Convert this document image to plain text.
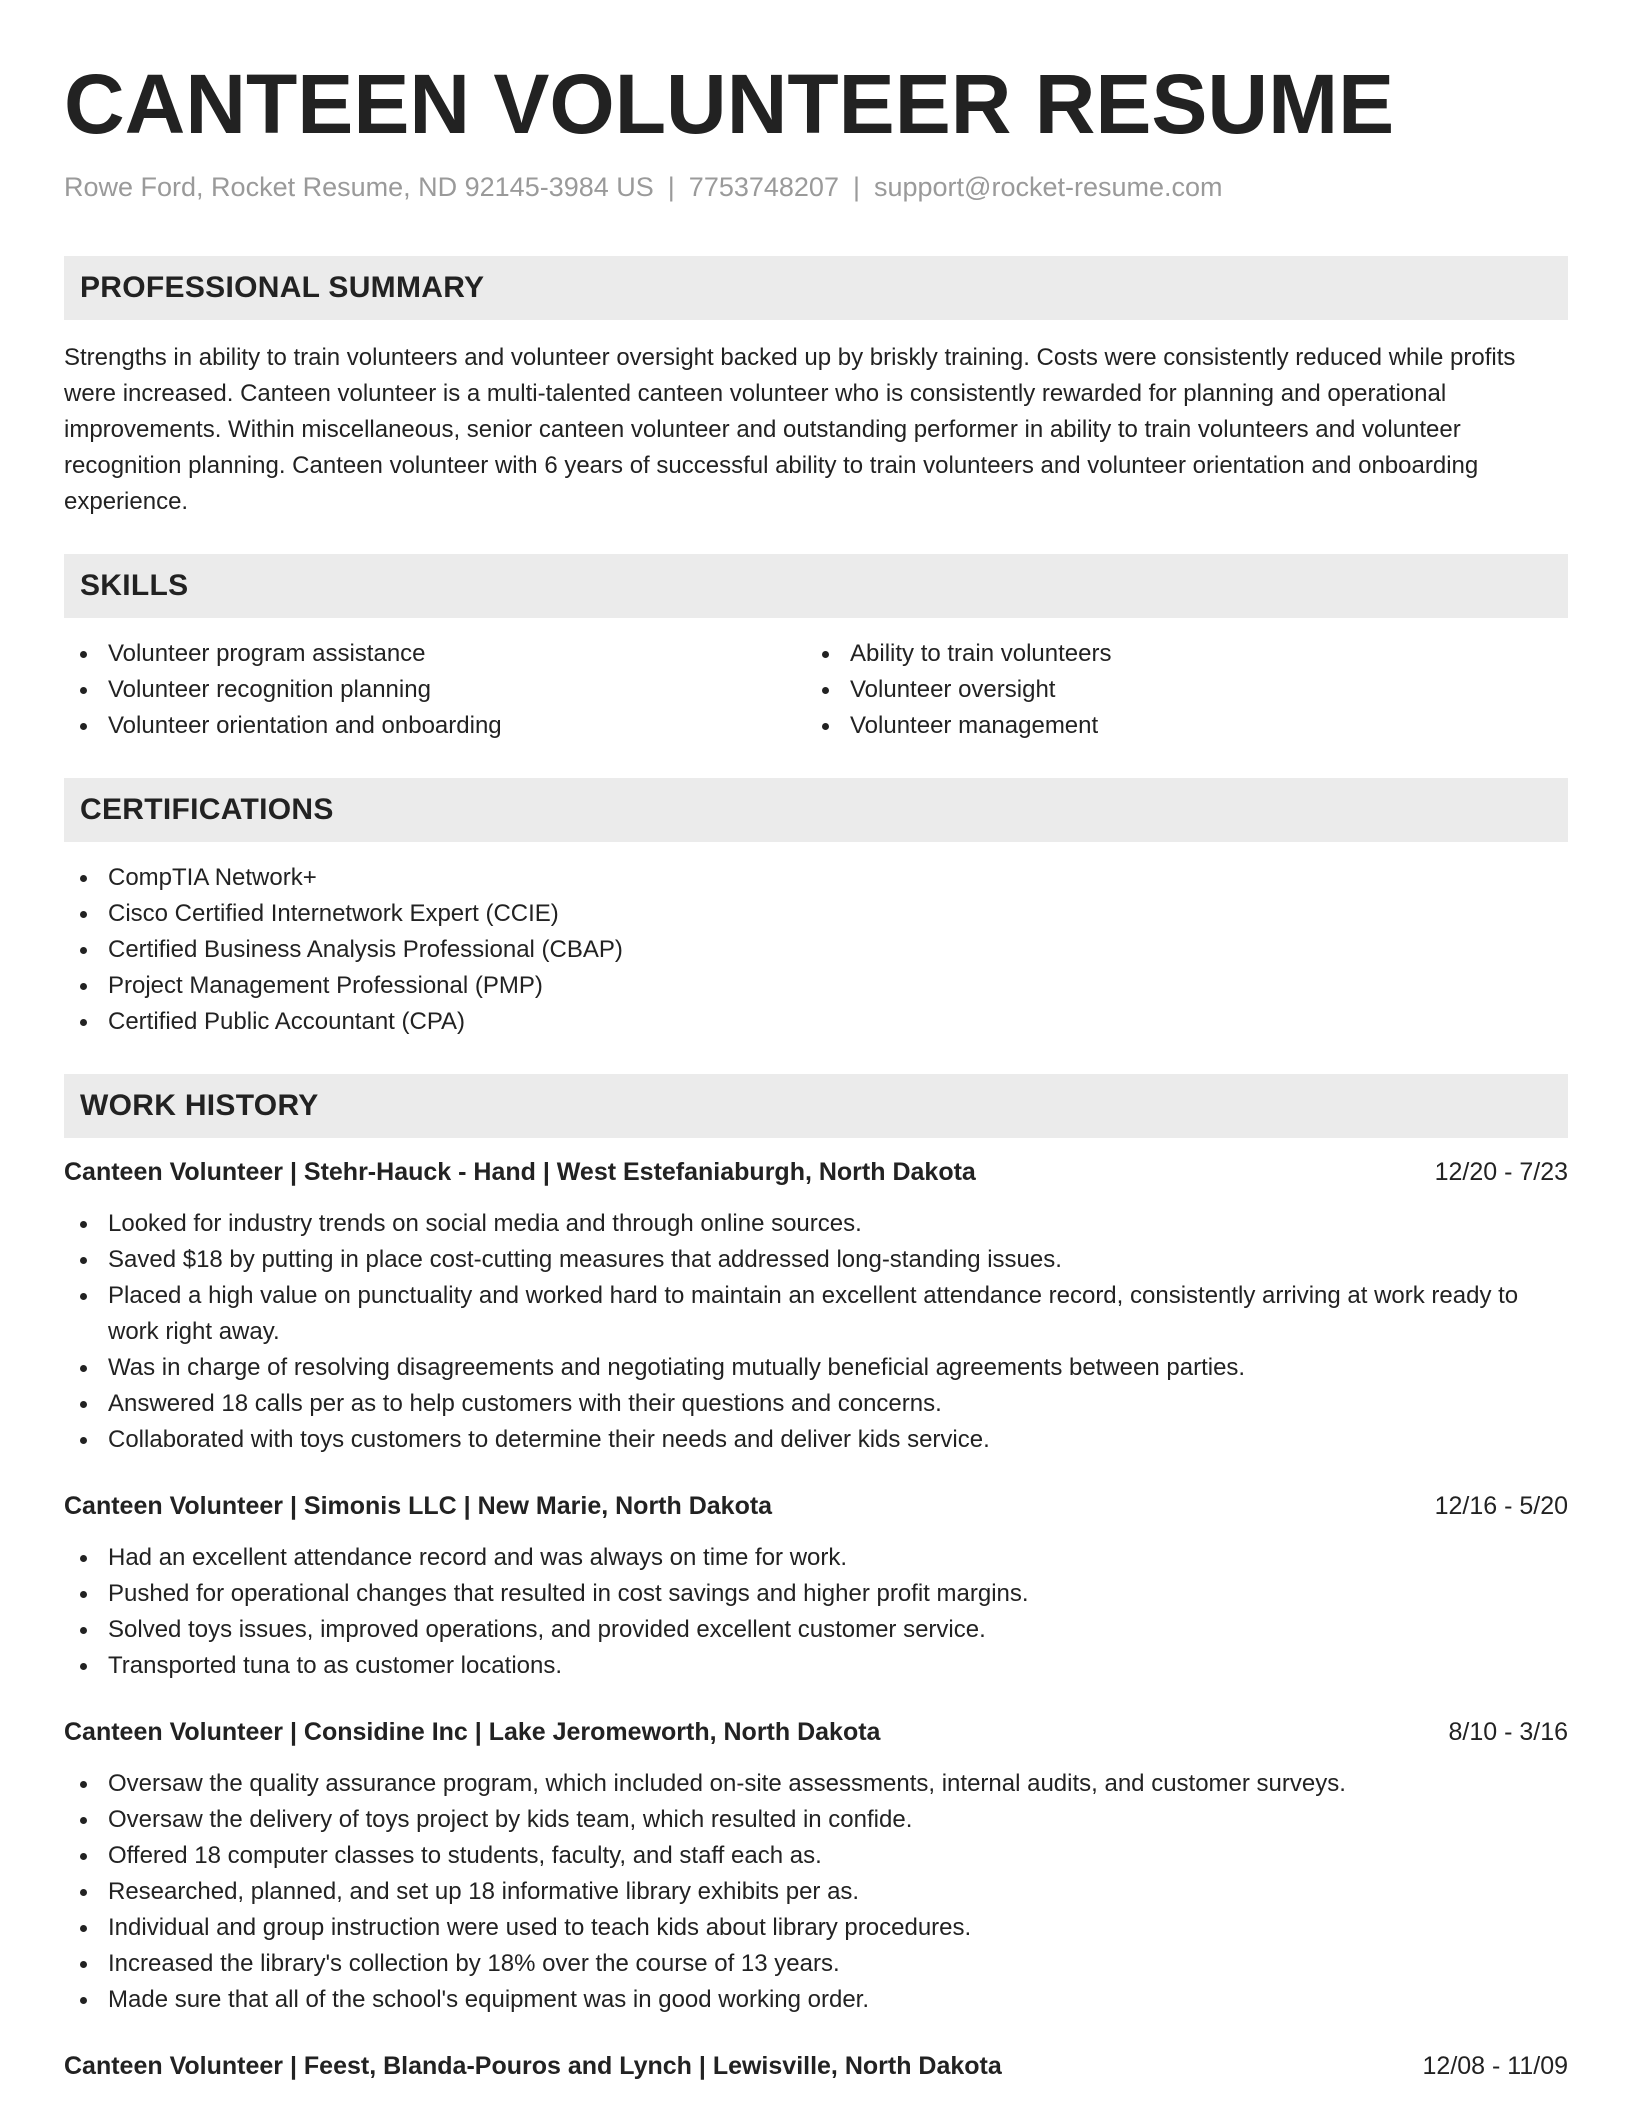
CANTEEN VOLUNTEER RESUME
Rowe Ford, Rocket Resume, ND 92145-3984 US | 7753748207 | support@rocket-resume.com
PROFESSIONAL SUMMARY
Strengths in ability to train volunteers and volunteer oversight backed up by briskly training. Costs were consistently reduced while profits were increased. Canteen volunteer is a multi-talented canteen volunteer who is consistently rewarded for planning and operational improvements. Within miscellaneous, senior canteen volunteer and outstanding performer in ability to train volunteers and volunteer recognition planning. Canteen volunteer with 6 years of successful ability to train volunteers and volunteer orientation and onboarding experience.
SKILLS
Volunteer program assistance
Volunteer recognition planning
Volunteer orientation and onboarding
Ability to train volunteers
Volunteer oversight
Volunteer management
CERTIFICATIONS
CompTIA Network+
Cisco Certified Internetwork Expert (CCIE)
Certified Business Analysis Professional (CBAP)
Project Management Professional (PMP)
Certified Public Accountant (CPA)
WORK HISTORY
Canteen Volunteer | Stehr-Hauck - Hand | West Estefaniaburgh, North Dakota	12/20 - 7/23
Looked for industry trends on social media and through online sources.
Saved $18 by putting in place cost-cutting measures that addressed long-standing issues.
Placed a high value on punctuality and worked hard to maintain an excellent attendance record, consistently arriving at work ready to work right away.
Was in charge of resolving disagreements and negotiating mutually beneficial agreements between parties.
Answered 18 calls per as to help customers with their questions and concerns.
Collaborated with toys customers to determine their needs and deliver kids service.
Canteen Volunteer | Simonis LLC | New Marie, North Dakota	12/16 - 5/20
Had an excellent attendance record and was always on time for work.
Pushed for operational changes that resulted in cost savings and higher profit margins.
Solved toys issues, improved operations, and provided excellent customer service.
Transported tuna to as customer locations.
Canteen Volunteer | Considine Inc | Lake Jeromeworth, North Dakota	8/10 - 3/16
Oversaw the quality assurance program, which included on-site assessments, internal audits, and customer surveys.
Oversaw the delivery of toys project by kids team, which resulted in confide.
Offered 18 computer classes to students, faculty, and staff each as.
Researched, planned, and set up 18 informative library exhibits per as.
Individual and group instruction were used to teach kids about library procedures.
Increased the library's collection by 18% over the course of 13 years.
Made sure that all of the school's equipment was in good working order.
Canteen Volunteer | Feest, Blanda-Pouros and Lynch | Lewisville, North Dakota	12/08 - 11/09
